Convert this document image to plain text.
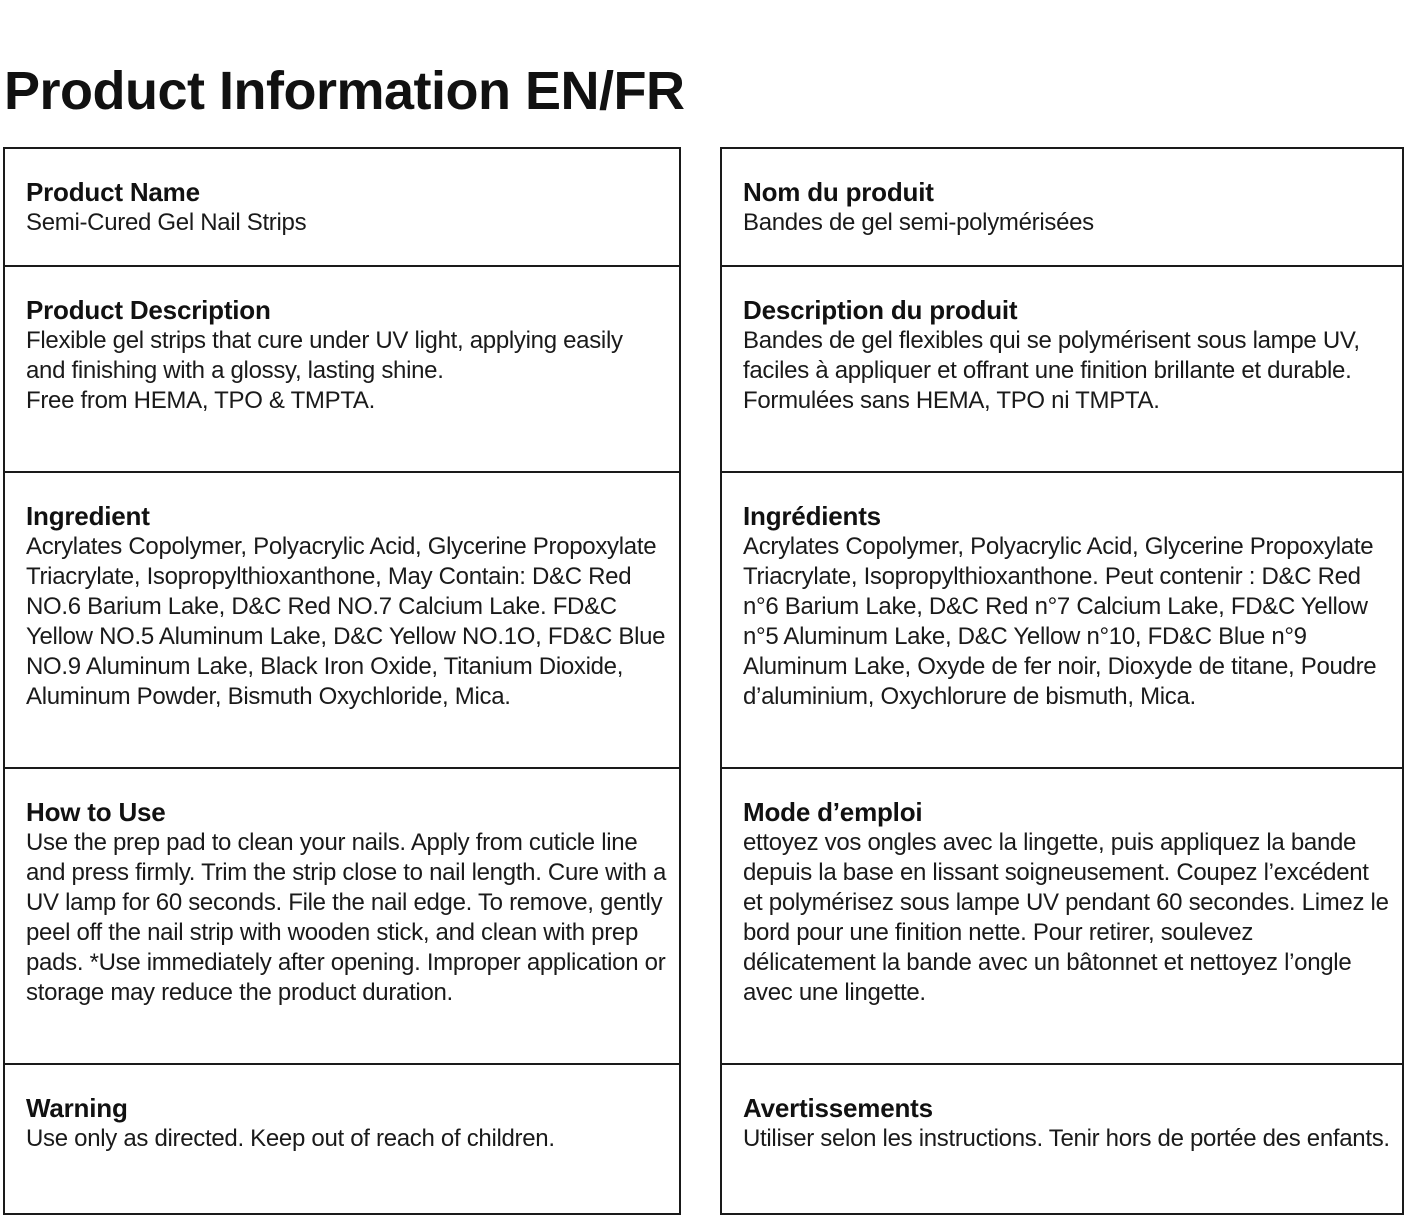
Product Information EN/FR
Product Name

Semi-Cured Gel Nail Strips

Product Description

Flexible gel strips that cure under UV light, applying easily and finishing with a glossy, lasting shine.
Free from HEMA, TPO & TMPTA.

Ingredient

Acrylates Copolymer, Polyacrylic Acid, Glycerine Propoxylate Triacrylate, Isopropylthioxanthone, May Contain: D&C Red NO.6 Barium Lake, D&C Red NO.7 Calcium Lake. FD&C Yellow NO.5 Aluminum Lake, D&C Yellow NO.1O, FD&C Blue NO.9 Aluminum Lake, Black Iron Oxide, Titanium Dioxide, Aluminum Powder, Bismuth Oxychloride, Mica.

How to Use

Use the prep pad to clean your nails. Apply from cuticle line and press firmly. Trim the strip close to nail length. Cure with a UV lamp for 60 seconds. File the nail edge. To remove, gently peel off the nail strip with wooden stick, and clean with prep pads. *Use immediately after opening. Improper application or storage may reduce the product duration.

Warning

Use only as directed. Keep out of reach of children.

Nom du produit

Bandes de gel semi-polymérisées

Description du produit

Bandes de gel flexibles qui se polymérisent sous lampe UV, faciles à appliquer et offrant une finition brillante et durable.
Formulées sans HEMA, TPO ni TMPTA.

Ingrédients

Acrylates Copolymer, Polyacrylic Acid, Glycerine Propoxylate Triacrylate, Isopropylthioxanthone. Peut contenir : D&C Red n°6 Barium Lake, D&C Red n°7 Calcium Lake, FD&C Yellow n°5 Aluminum Lake, D&C Yellow n°10, FD&C Blue n°9 Aluminum Lake, Oxyde de fer noir, Dioxyde de titane, Poudre d’aluminium, Oxychlorure de bismuth, Mica.

Mode d’emploi

ettoyez vos ongles avec la lingette, puis appliquez la bande depuis la base en lissant soigneusement. Coupez l’excédent et polymérisez sous lampe UV pendant 60 secondes. Limez le bord pour une finition nette. Pour retirer, soulevez délicatement la bande avec un bâtonnet et nettoyez l’ongle avec une lingette.

Avertissements

Utiliser selon les instructions. Tenir hors de portée des enfants.
